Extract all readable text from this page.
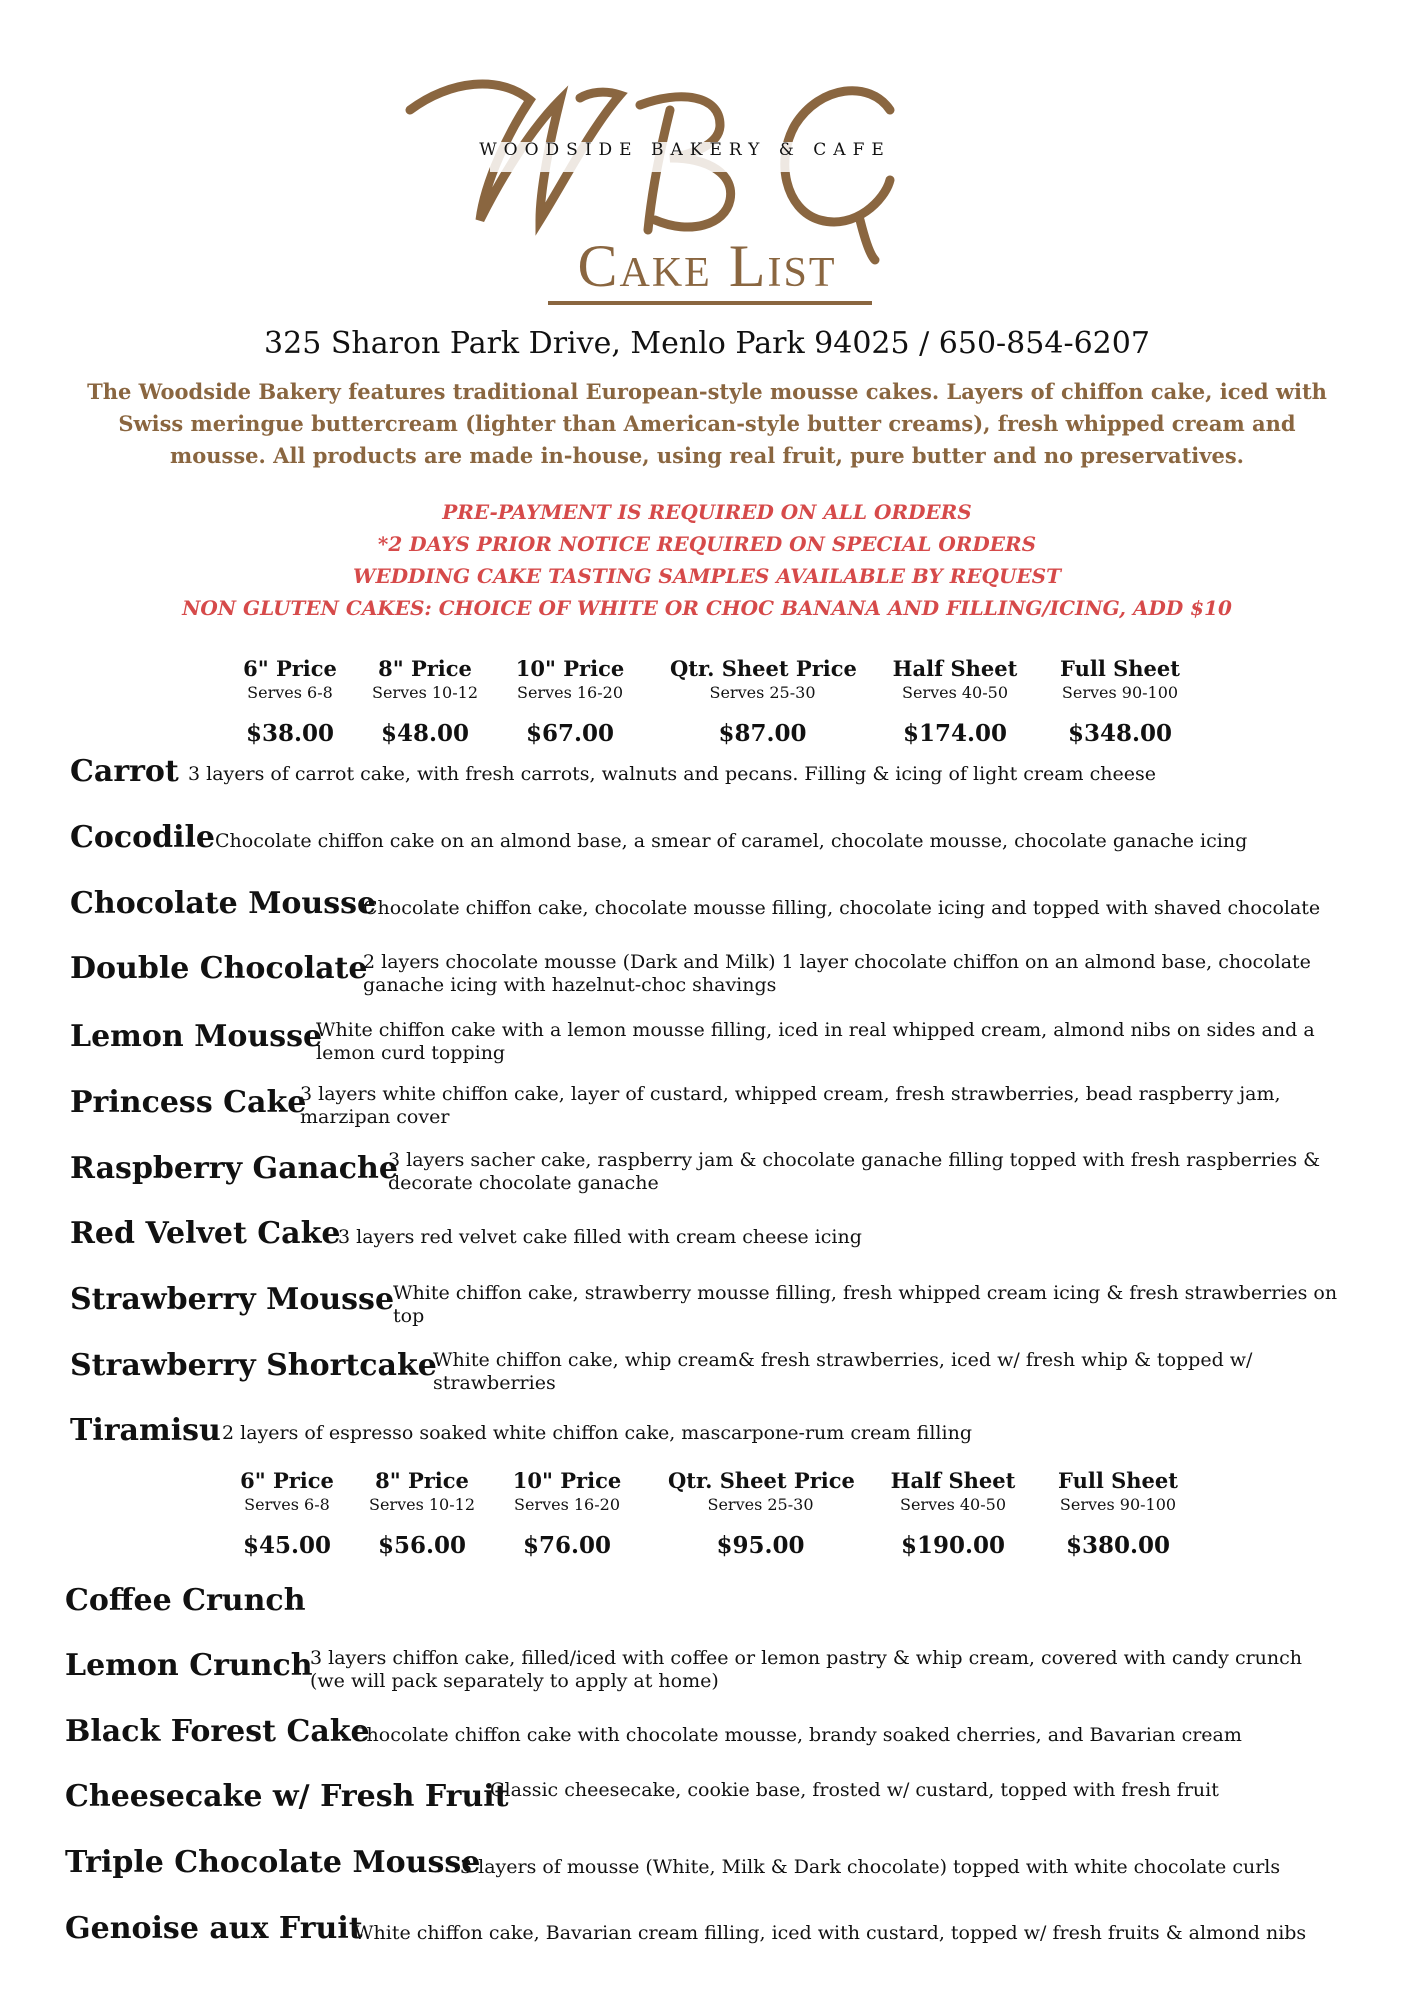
WOODSIDE BAKERY & CAFE
Cake List
325 Sharon Park Drive, Menlo Park 94025 / 650-854-6207
The Woodside Bakery features traditional European-style mousse cakes. Layers of chiffon cake, iced with Swiss meringue buttercream (lighter than American-style butter creams), fresh whipped cream and mousse. All products are made in-house, using real fruit, pure butter and no preservatives.
PRE-PAYMENT IS REQUIRED ON ALL ORDERS
*2 DAYS PRIOR NOTICE REQUIRED ON SPECIAL ORDERS
WEDDING CAKE TASTING SAMPLES AVAILABLE BY REQUEST
NON GLUTEN CAKES: CHOICE OF WHITE OR CHOC BANANA AND FILLING/ICING, ADD $10
6" Price
Serves 6-8
$38.00
8" Price
Serves 10-12
$48.00
10" Price
Serves 16-20
$67.00
Qtr. Sheet Price
Serves 25-30
$87.00
Half Sheet
Serves 40-50
$174.00
Full Sheet
Serves 90-100
$348.00
Carrot 3 layers of carrot cake, with fresh carrots, walnuts and pecans. Filling & icing of light cream cheese
Cocodile Chocolate chiffon cake on an almond base, a smear of caramel, chocolate mousse, chocolate ganache icing
Chocolate Mousse
Chocolate chiffon cake, chocolate mousse filling, chocolate icing and topped with shaved chocolate
Double Chocolate
2 layers chocolate mousse (Dark and Milk) 1 layer chocolate chiffon on an almond base, chocolate ganache icing with hazelnut-choc shavings
Lemon Mousse
White chiffon cake with a lemon mousse filling, iced in real whipped cream, almond nibs on sides and a lemon curd topping
Princess Cake
3 layers white chiffon cake, layer of custard, whipped cream, fresh strawberries, bead raspberry jam, marzipan cover
Raspberry Ganache
3 layers sacher cake, raspberry jam & chocolate ganache filling topped with fresh raspberries & decorate chocolate ganache
Red Velvet Cake
3 layers red velvet cake filled with cream cheese icing
Strawberry Mousse
White chiffon cake, strawberry mousse filling, fresh whipped cream icing & fresh strawberries on top
Strawberry Shortcake
White chiffon cake, whip cream& fresh strawberries, iced w/ fresh whip & topped w/ strawberries
Tiramisu 2 layers of espresso soaked white chiffon cake, mascarpone-rum cream filling
6" Price
Serves 6-8
$45.00
8" Price
Serves 10-12
$56.00
10" Price
Serves 16-20
$76.00
Qtr. Sheet Price
Serves 25-30
$95.00
Half Sheet
Serves 40-50
$190.00
Full Sheet
Serves 90-100
$380.00
Coffee Crunch
Lemon Crunch
3 layers chiffon cake, filled/iced with coffee or lemon pastry & whip cream, covered with candy crunch (we will pack separately to apply at home)
Black Forest Cake
Chocolate chiffon cake with chocolate mousse, brandy soaked cherries, and Bavarian cream
Cheesecake w/ Fresh Fruit
Classic cheesecake, cookie base, frosted w/ custard, topped with fresh fruit
Triple Chocolate Mousse
3 layers of mousse (White, Milk & Dark chocolate) topped with white chocolate curls
Genoise aux Fruit
White chiffon cake, Bavarian cream filling, iced with custard, topped w/ fresh fruits & almond nibs
